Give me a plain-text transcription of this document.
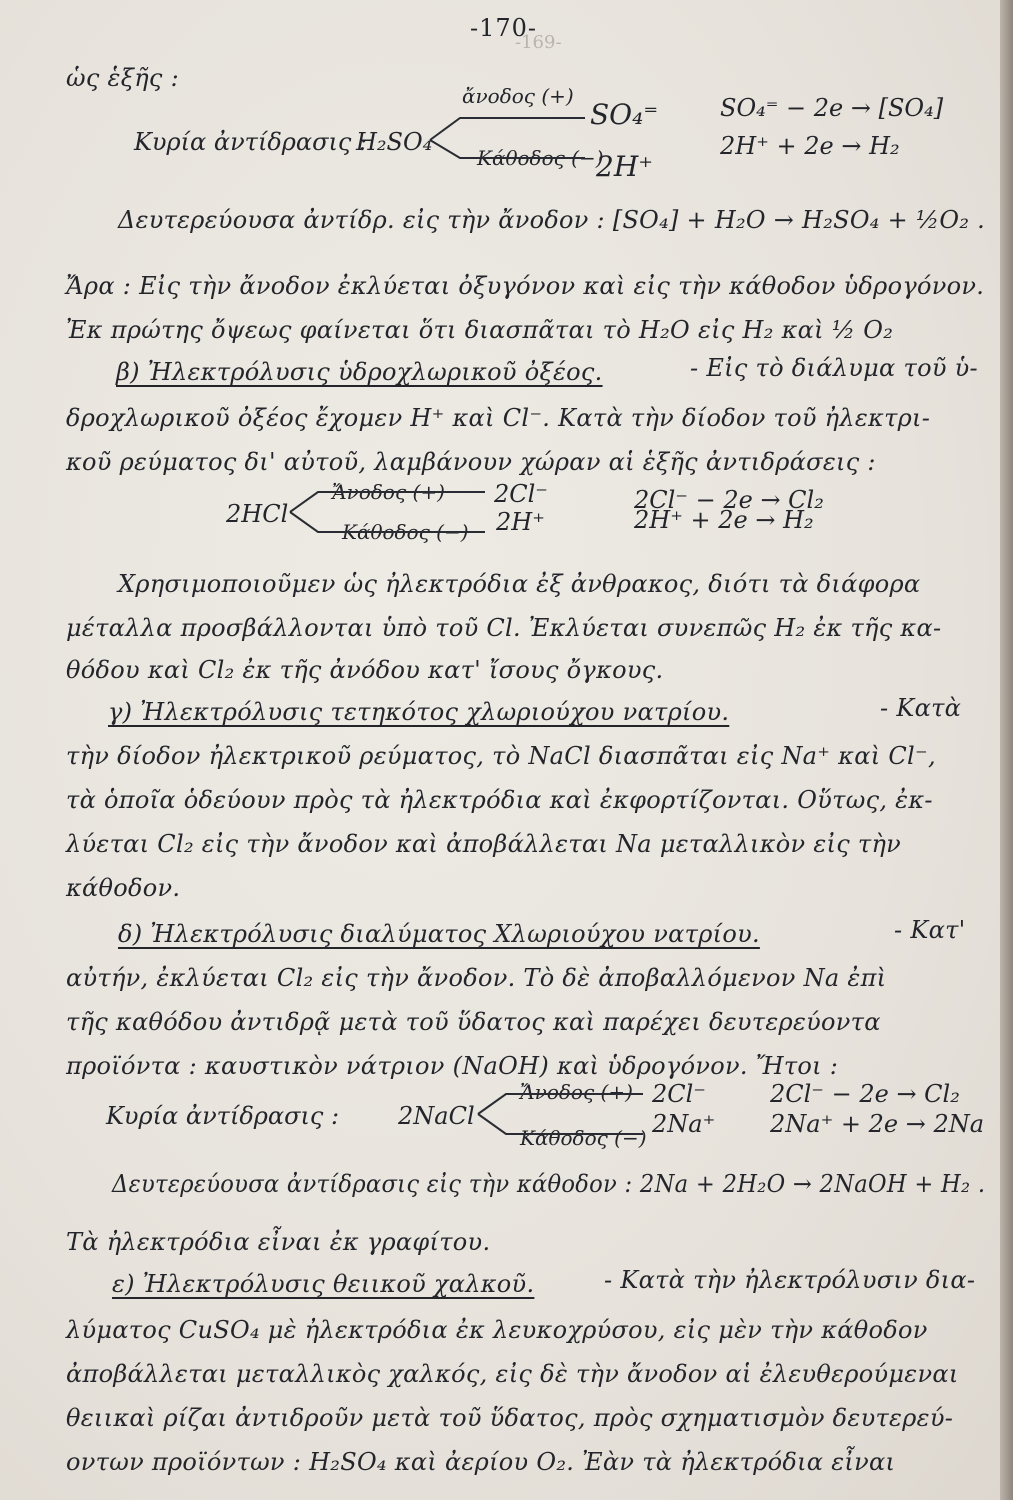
-170-
-169-
ὡς ἑξῆς :
ἄνοδος (+)
Κάθοδος (−)
Κυρία ἀντίδρασις :
H₂SO₄
SO₄⁼
2H⁺
SO₄⁼ − 2e → [SO₄]
2H⁺ + 2e → H₂
Δευτερεύουσα ἀντίδρ. εἰς τὴν ἄνοδον : [SO₄] + H₂O → H₂SO₄ + ½O₂ .
Ἄρα : Εἰς τὴν ἄνοδον ἐκλύεται ὀξυγόνον καὶ εἰς τὴν κάθοδον ὑδρογόνον.
Ἐκ πρώτης ὄψεως φαίνεται ὅτι διασπᾶται τὸ H₂O εἰς H₂ καὶ ½ O₂
β) Ἠλεκτρόλυσις ὑδροχλωρικοῦ ὀξέος.	- Εἰς τὸ διάλυμα τοῦ ὑ-
δροχλωρικοῦ ὀξέος ἔχομεν H⁺ καὶ Cl⁻. Κατὰ τὴν δίοδον τοῦ ἠλεκτρι-
κοῦ ρεύματος δι' αὐτοῦ, λαμβάνουν χώραν αἱ ἑξῆς ἀντιδράσεις :
Ἄνοδος (+)
Κάθοδος (−)
2HCl
2Cl⁻
2H⁺
2Cl⁻ − 2e → Cl₂
2H⁺ + 2e → H₂
Χρησιμοποιοῦμεν ὡς ἠλεκτρόδια ἐξ ἀνθρακος, διότι τὰ διάφορα
μέταλλα προσβάλλονται ὑπὸ τοῦ Cl. Ἐκλύεται συνεπῶς H₂ ἐκ τῆς κα-
θόδου καὶ Cl₂ ἐκ τῆς ἀνόδου κατ' ἴσους ὄγκους.
γ) Ἠλεκτρόλυσις τετηκότος χλωριούχου νατρίου.	- Κατὰ
τὴν δίοδον ἠλεκτρικοῦ ρεύματος, τὸ NaCl διασπᾶται εἰς Na⁺ καὶ Cl⁻,
τὰ ὁποῖα ὁδεύουν πρὸς τὰ ἠλεκτρόδια καὶ ἐκφορτίζονται. Οὕτως, ἐκ-
λύεται Cl₂ εἰς τὴν ἄνοδον καὶ ἀποβάλλεται Na μεταλλικὸν εἰς τὴν
κάθοδον.
δ) Ἠλεκτρόλυσις διαλύματος Χλωριούχου νατρίου.	- Κατ'
αὐτήν, ἐκλύεται Cl₂ εἰς τὴν ἄνοδον. Τὸ δὲ ἀποβαλλόμενον Na ἐπὶ
τῆς καθόδου ἀντιδρᾷ μετὰ τοῦ ὕδατος καὶ παρέχει δευτερεύοντα
προϊόντα : καυστικὸν νάτριον (NaOH) καὶ ὑδρογόνον. Ἤτοι :
Ἄνοδος (+)
Κάθοδος (−)
Κυρία ἀντίδρασις : 2NaCl
2Cl⁻
2Na⁺
2Cl⁻ − 2e → Cl₂
2Na⁺ + 2e → 2Na
Δευτερεύουσα ἀντίδρασις εἰς τὴν κάθοδον : 2Na + 2H₂O → 2NaOH + H₂ .
Τὰ ἠλεκτρόδια εἶναι ἐκ γραφίτου.
ε) Ἠλεκτρόλυσις θειικοῦ χαλκοῦ.	- Κατὰ τὴν ἠλεκτρόλυσιν δια-
λύματος CuSO₄ μὲ ἠλεκτρόδια ἐκ λευκοχρύσου, εἰς μὲν τὴν κάθοδον
ἀποβάλλεται μεταλλικὸς χαλκός, εἰς δὲ τὴν ἄνοδον αἱ ἐλευθερούμεναι
θειικαὶ ρίζαι ἀντιδροῦν μετὰ τοῦ ὕδατος, πρὸς σχηματισμὸν δευτερεύ-
οντων προϊόντων : H₂SO₄ καὶ ἀερίου O₂. Ἐὰν τὰ ἠλεκτρόδια εἶναι
